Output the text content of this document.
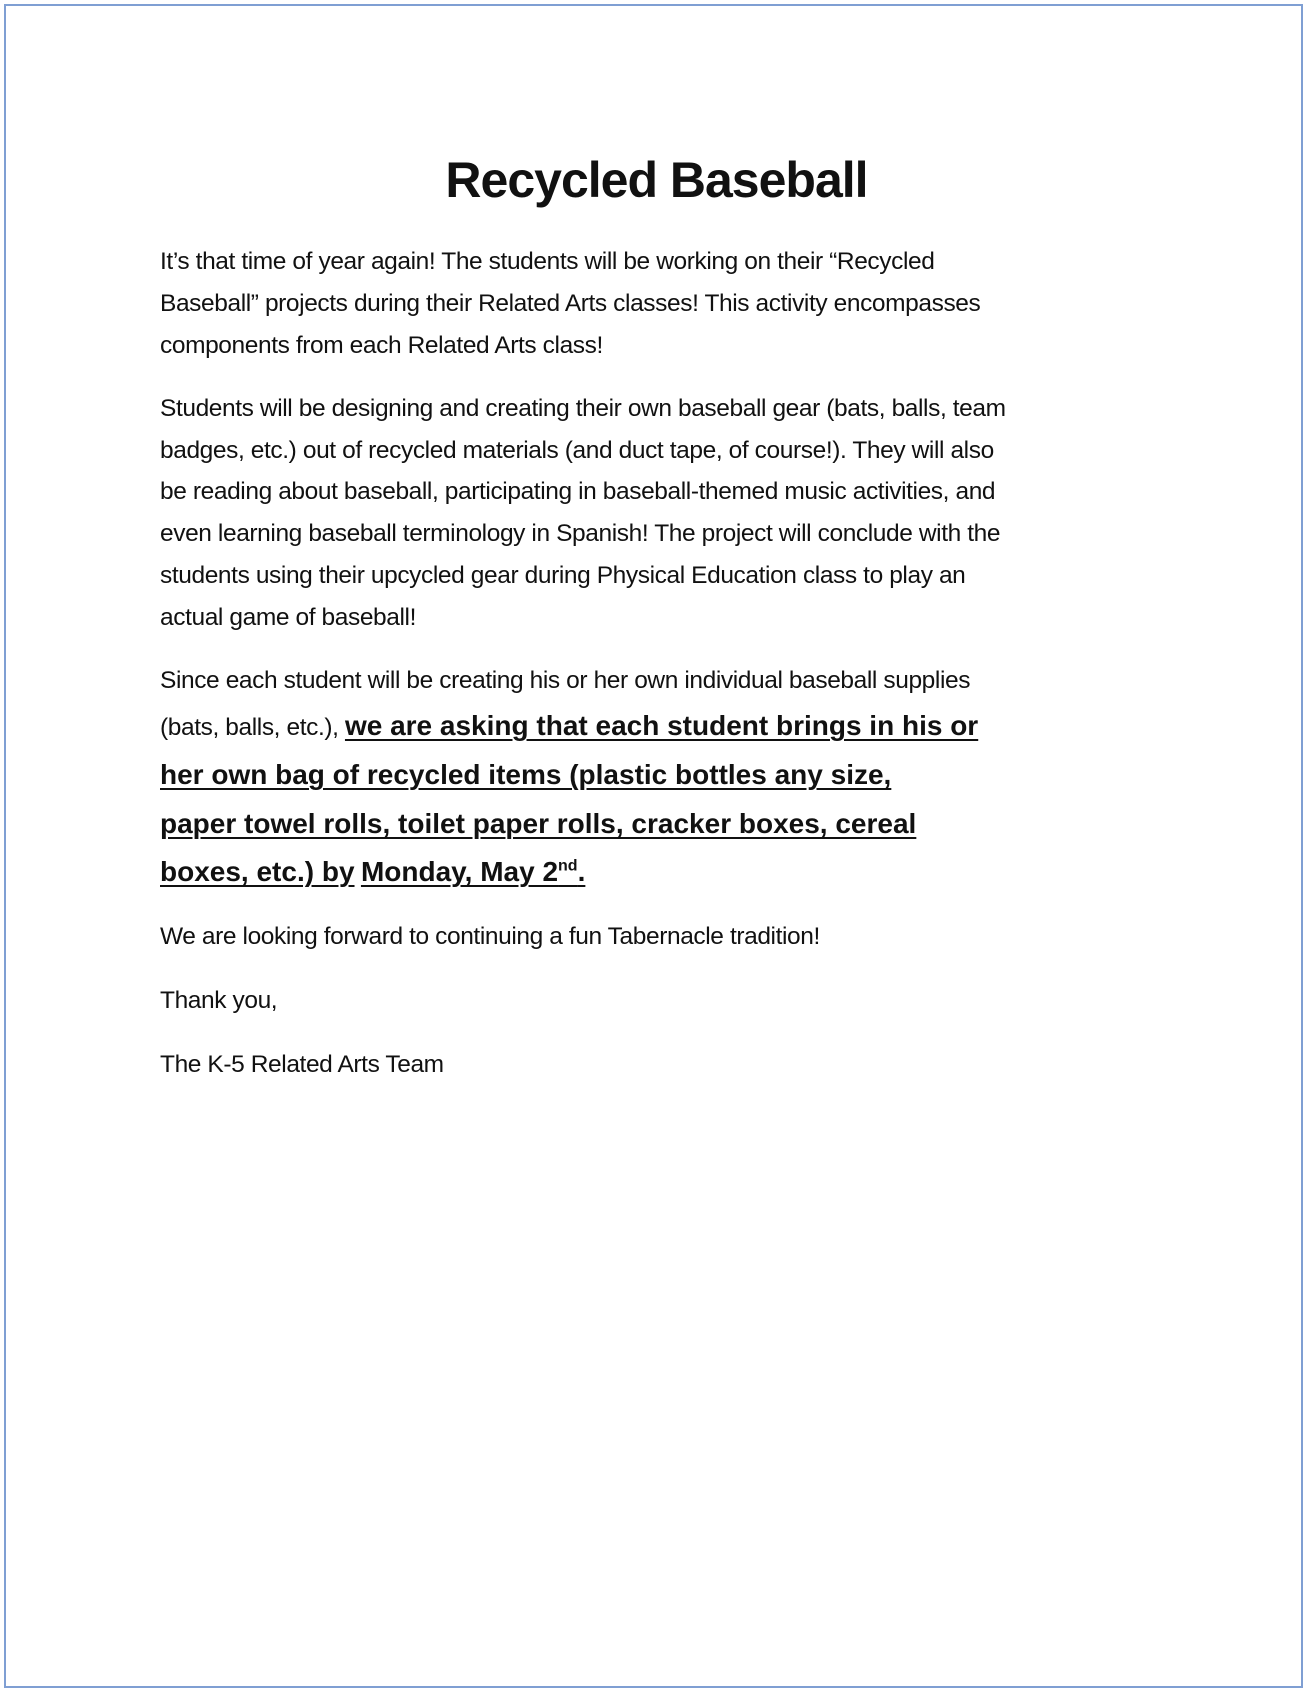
Recycled Baseball
It’s that time of year again! The students will be working on their “Recycled
Baseball” projects during their Related Arts classes! This activity encompasses
components from each Related Arts class!
Students will be designing and creating their own baseball gear (bats, balls, team
badges, etc.) out of recycled materials (and duct tape, of course!). They will also
be reading about baseball, participating in baseball-themed music activities, and
even learning baseball terminology in Spanish! The project will conclude with the
students using their upcycled gear during Physical Education class to play an
actual game of baseball!
Since each student will be creating his or her own individual baseball supplies
(bats, balls, etc.), we are asking that each student brings in his or
her own bag of recycled items (plastic bottles any size,
paper towel rolls, toilet paper rolls, cracker boxes, cereal
boxes, etc.) by Monday, May 2nd.
We are looking forward to continuing a fun Tabernacle tradition!
Thank you,
The K-5 Related Arts Team
